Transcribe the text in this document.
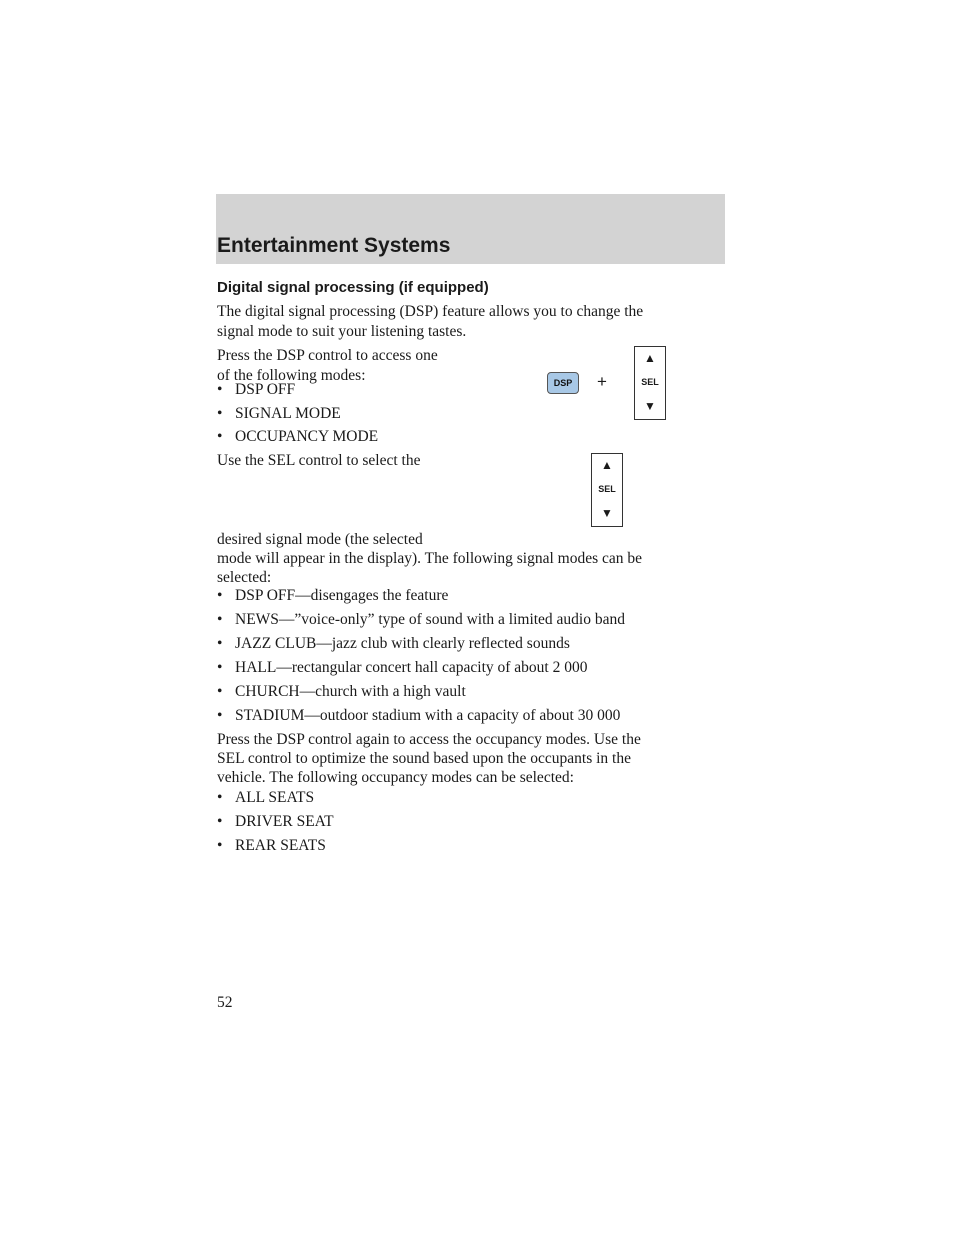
Entertainment Systems
Digital signal processing (if equipped)
The digital signal processing (DSP) feature allows you to change the
signal mode to suit your listening tastes.
Press the DSP control to access one
of the following modes:
• DSP OFF
• SIGNAL MODE
• OCCUPANCY MODE
DSP	+
▲
SEL
▼
Use the SEL control to select the	▲
SEL
▼
desired signal mode (the selected
mode will appear in the display). The following signal modes can be
selected:
• DSP OFF—disengages the feature
• NEWS—”voice-only” type of sound with a limited audio band
• JAZZ CLUB—jazz club with clearly reflected sounds
• HALL—rectangular concert hall capacity of about 2 000
• CHURCH—church with a high vault
• STADIUM—outdoor stadium with a capacity of about 30 000
Press the DSP control again to access the occupancy modes. Use the
SEL control to optimize the sound based upon the occupants in the
vehicle. The following occupancy modes can be selected:
• ALL SEATS
• DRIVER SEAT
• REAR SEATS
52
